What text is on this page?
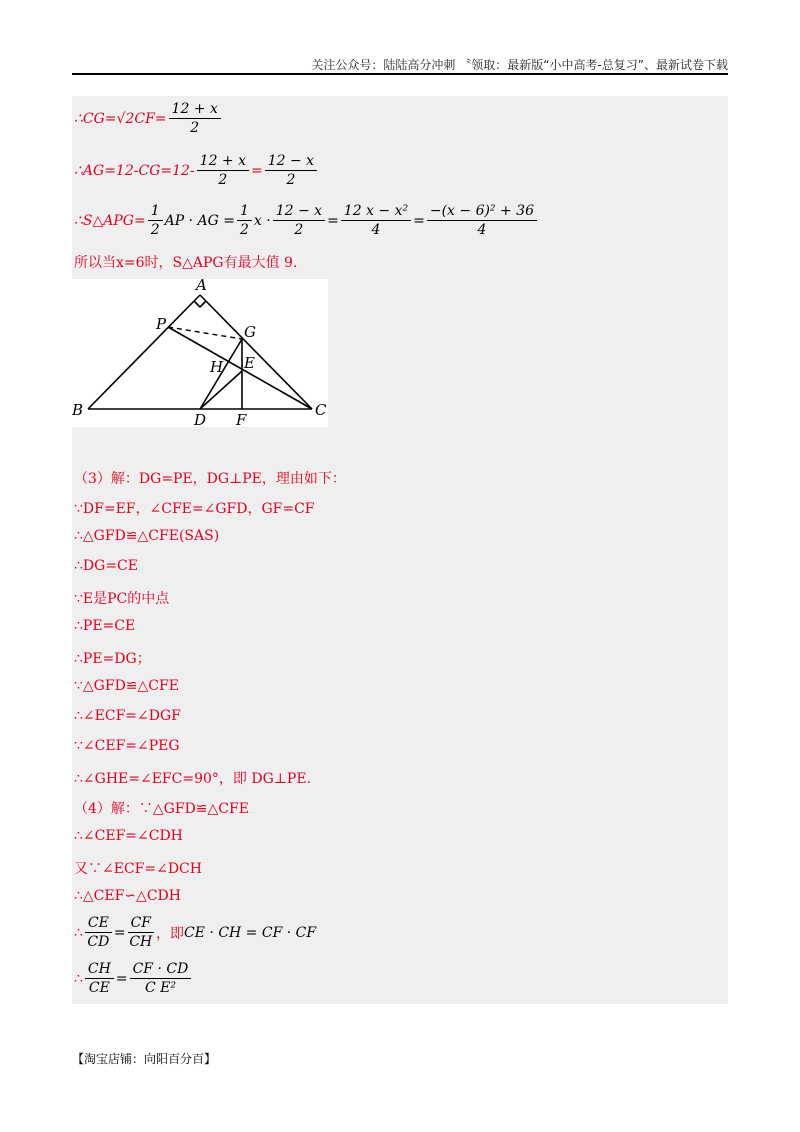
关注公众号：陆陆高分冲刺 〝领取：最新版“小中高考-总复习”、最新试卷下载
∴CG=√2CF= $\frac{12 + x}{2}$
∴AG=12-CG=12- $\frac{12 + x}{2} = \frac{12 - x}{2}$
∴S△APG= $\frac{1}{2}$ AP · AG = $\frac{1}{2}$ $x \cdot \frac{12 - x}{2} = \frac{\text{12 x − x²}}{4} = \frac{\text{−(x − 6)² + 36}}{4}$
所以当x=6时，S△APG有最大值 9.
（3）解：DG=PE，DG⊥PE，理由如下：
∵DF=EF，∠CFE=∠GFD，GF=CF
∴△GFD≌△CFE(SAS)
∴DG=CE
∵E是PC的中点
∴PE=CE
∴PE=DG；
∵△GFD≌△CFE
∴∠ECF=∠DGF
∵∠CEF=∠PEG
∴∠GHE=∠EFC=90°，即 DG⊥PE.
（4）解：∵△GFD≌△CFE
∴∠CEF=∠CDH
又∵∠ECF=∠DCH
∴△CEF∽△CDH
∴ $\frac{CE}{CD} = \frac{CF}{CH}$ ，即 CE · CH = CF · CF
∴ $\frac{CH}{CE} = \frac{CF \cdot CD}{\text{C E²}}$
A
P	G
H E
B
D F
C
【淘宝店铺：向阳百分百】
